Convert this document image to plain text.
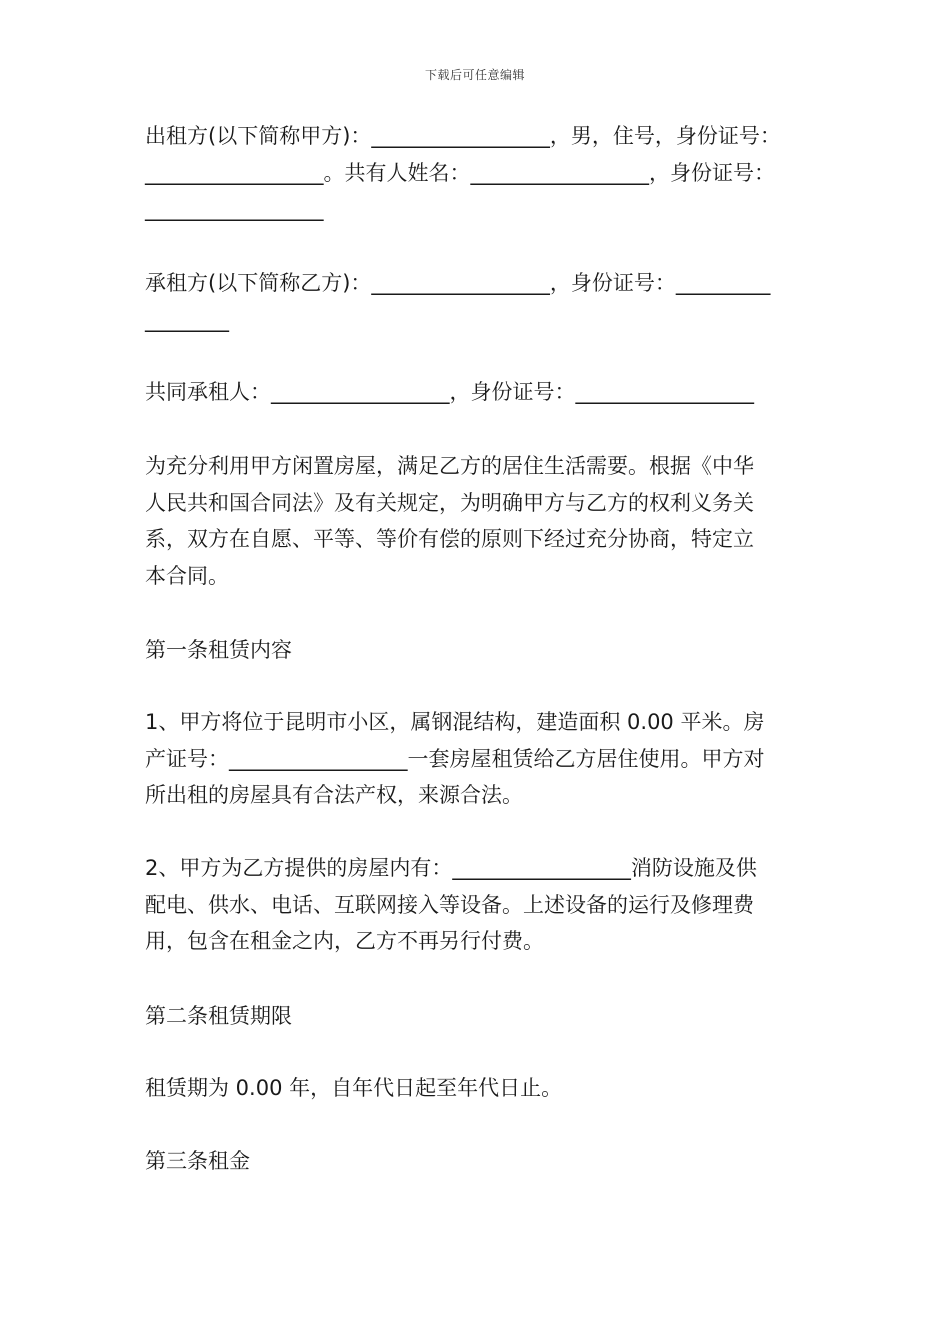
下载后可任意编辑
出租方(以下简称甲方)：_________________，男，住号，身份证号：
_________________。共有人姓名：_________________，身份证号：
_________________
承租方(以下简称乙方)：_________________，身份证号：_________
________
共同承租人：_________________，身份证号：_________________
为充分利用甲方闲置房屋，满足乙方的居住生活需要。根据《中华
人民共和国合同法》及有关规定，为明确甲方与乙方的权利义务关
系，双方在自愿、平等、等价有偿的原则下经过充分协商，特定立
本合同。
第一条租赁内容
1、甲方将位于昆明市小区，属钢混结构，建造面积 0.00 平米。房
产证号：_________________一套房屋租赁给乙方居住使用。甲方对
所出租的房屋具有合法产权，来源合法。
2、甲方为乙方提供的房屋内有：_________________消防设施及供
配电、供水、电话、互联网接入等设备。上述设备的运行及修理费
用，包含在租金之内，乙方不再另行付费。
第二条租赁期限
租赁期为 0.00 年，自年代日起至年代日止。
第三条租金
